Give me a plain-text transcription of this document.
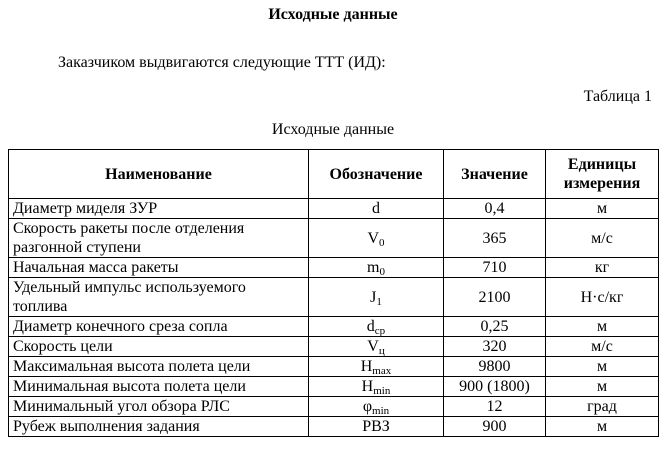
Исходные данные
Заказчиком выдвигаются следующие ТТТ (ИД):
Таблица 1
Исходные данные
Наименование	Обозначение	Значение	Единицы измерения
Диаметр миделя ЗУР	d	0,4	м
Скорость ракеты после отделения разгонной ступени	$V_0$	365	м/с
Начальная масса ракеты	$m_0$	710	кг
Удельный импульс используемого топлива	$J_1$	2100	Н·с/кг
Диаметр конечного среза сопла	$d_{ср}$	0,25	м
Скорость цели	$V_ц$	320	м/с
Максимальная высота полета цели	$H_{max}$	9800	м
Минимальная высота полета цели	$H_{min}$	900 (1800)	м
Минимальный угол обзора РЛС	$\varphi_{min}$	12	град
Рубеж выполнения задания	РВЗ	900	м
